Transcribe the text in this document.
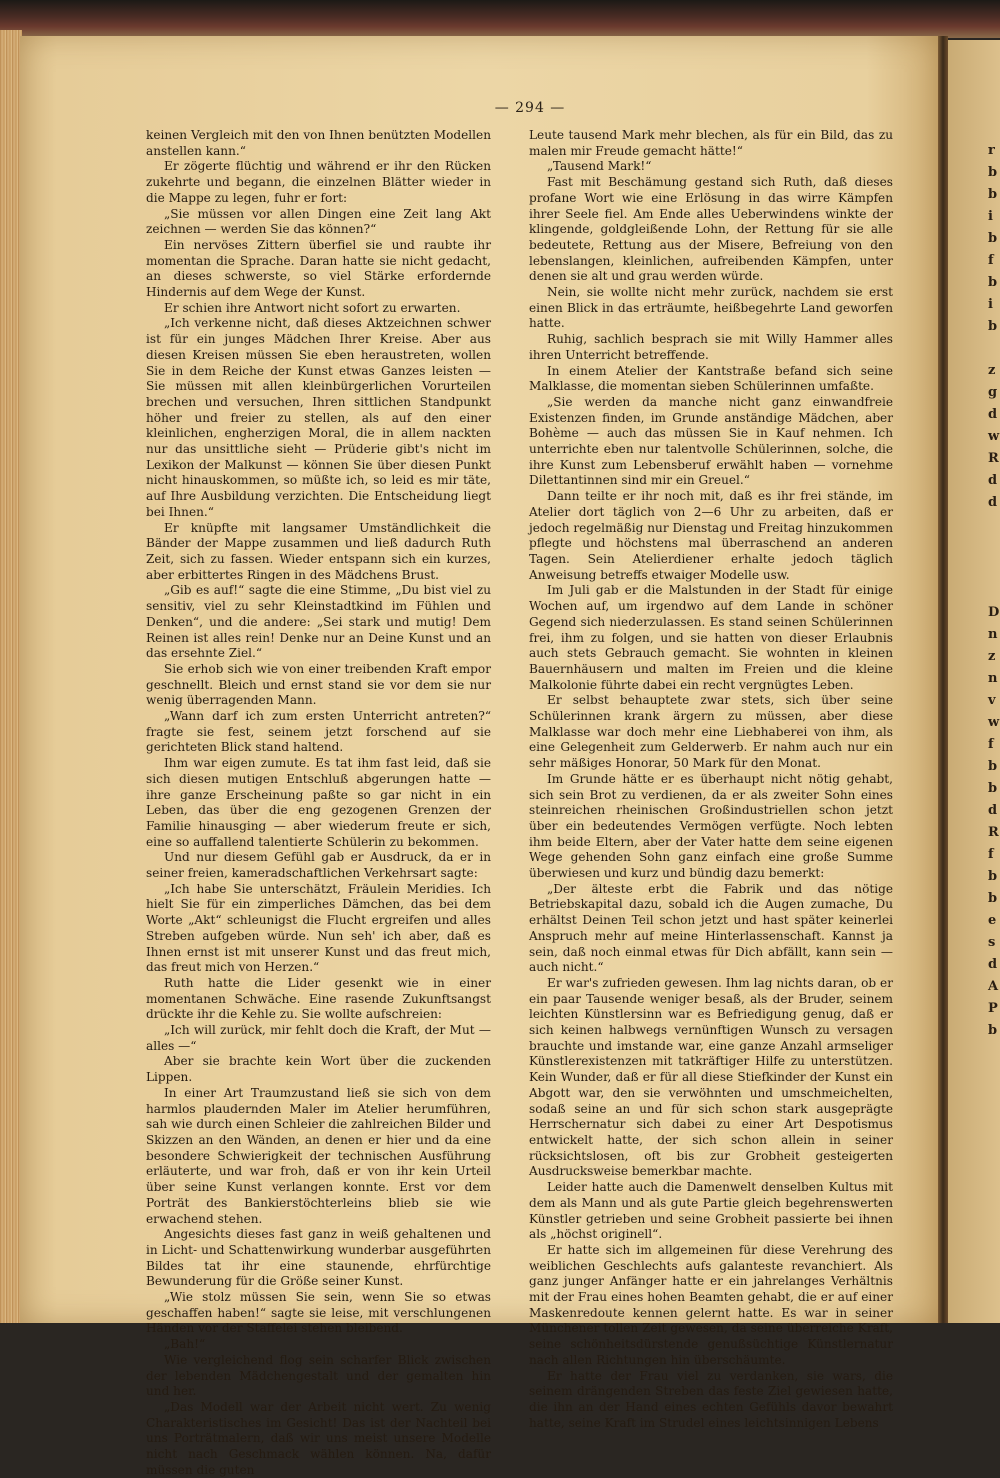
r
b
b
i
b
f
b
i
b

z
g
d
w
R
d
d

D
n
z
n
v
w
f
b
b
d
R
f
b
b
e
s
d
A
P
b
— 294 —

keinen Vergleich mit den von Ihnen benützten Modellen anstellen kann.“

Er zögerte flüchtig und während er ihr den Rücken zukehrte und begann, die einzelnen Blätter wieder in die Mappe zu legen, fuhr er fort:

„Sie müssen vor allen Dingen eine Zeit lang Akt zeichnen — werden Sie das können?“

Ein nervöses Zittern überfiel sie und raubte ihr momentan die Sprache. Daran hatte sie nicht gedacht, an dieses schwerste, so viel Stärke erfordernde Hindernis auf dem Wege der Kunst.

Er schien ihre Antwort nicht sofort zu erwarten.

„Ich verkenne nicht, daß dieses Aktzeichnen schwer ist für ein junges Mädchen Ihrer Kreise. Aber aus diesen Kreisen müssen Sie eben heraustreten, wollen Sie in dem Reiche der Kunst etwas Ganzes leisten — Sie müssen mit allen kleinbürgerlichen Vorurteilen brechen und versuchen, Ihren sittlichen Standpunkt höher und freier zu stellen, als auf den einer kleinlichen, engherzigen Moral, die in allem nackten nur das unsittliche sieht — Prüderie gibt's nicht im Lexikon der Malkunst — können Sie über diesen Punkt nicht hinauskommen, so müßte ich, so leid es mir täte, auf Ihre Ausbildung verzichten. Die Entscheidung liegt bei Ihnen.“

Er knüpfte mit langsamer Umständlichkeit die Bänder der Mappe zusammen und ließ dadurch Ruth Zeit, sich zu fassen. Wieder entspann sich ein kurzes, aber erbittertes Ringen in des Mädchens Brust.

„Gib es auf!“ sagte die eine Stimme, „Du bist viel zu sensitiv, viel zu sehr Kleinstadtkind im Fühlen und Denken“, und die andere: „Sei stark und mutig! Dem Reinen ist alles rein! Denke nur an Deine Kunst und an das ersehnte Ziel.“

Sie erhob sich wie von einer treibenden Kraft empor geschnellt. Bleich und ernst stand sie vor dem sie nur wenig überragenden Mann.

„Wann darf ich zum ersten Unterricht antreten?“ fragte sie fest, seinem jetzt forschend auf sie gerichteten Blick stand haltend.

Ihm war eigen zumute. Es tat ihm fast leid, daß sie sich diesen mutigen Entschluß abgerungen hatte — ihre ganze Erscheinung paßte so gar nicht in ein Leben, das über die eng gezogenen Grenzen der Familie hinausging — aber wiederum freute er sich, eine so auffallend talentierte Schülerin zu bekommen.

Und nur diesem Gefühl gab er Ausdruck, da er in seiner freien, kameradschaftlichen Verkehrsart sagte:

„Ich habe Sie unterschätzt, Fräulein Meridies. Ich hielt Sie für ein zimperliches Dämchen, das bei dem Worte „Akt“ schleunigst die Flucht ergreifen und alles Streben aufgeben würde. Nun seh' ich aber, daß es Ihnen ernst ist mit unserer Kunst und das freut mich, das freut mich von Herzen.“

Ruth hatte die Lider gesenkt wie in einer momentanen Schwäche. Eine rasende Zukunftsangst drückte ihr die Kehle zu. Sie wollte aufschreien:

„Ich will zurück, mir fehlt doch die Kraft, der Mut — alles —“

Aber sie brachte kein Wort über die zuckenden Lippen.

In einer Art Traumzustand ließ sie sich von dem harmlos plaudernden Maler im Atelier herumführen, sah wie durch einen Schleier die zahlreichen Bilder und Skizzen an den Wänden, an denen er hier und da eine besondere Schwierigkeit der technischen Ausführung erläuterte, und war froh, daß er von ihr kein Urteil über seine Kunst verlangen konnte. Erst vor dem Porträt des Bankierstöchterleins blieb sie wie erwachend stehen.

Angesichts dieses fast ganz in weiß gehaltenen und in Licht- und Schattenwirkung wunderbar ausgeführten Bildes tat ihr eine staunende, ehrfürchtige Bewunderung für die Größe seiner Kunst.

„Wie stolz müssen Sie sein, wenn Sie so etwas geschaffen haben!“ sagte sie leise, mit verschlungenen Händen vor der Staffelei stehen bleibend.

„Bah!“

Wie vergleichend flog sein scharfer Blick zwischen der lebenden Mädchengestalt und der gemalten hin und her.

„Das Modell war der Arbeit nicht wert. Zu wenig Charakteristisches im Gesicht! Das ist der Nachteil bei uns Porträtmalern, daß wir uns meist unsere Modelle nicht nach Geschmack wählen können. Na, dafür müssen die guten

Leute tausend Mark mehr blechen, als für ein Bild, das zu malen mir Freude gemacht hätte!“

„Tausend Mark!“

Fast mit Beschämung gestand sich Ruth, daß dieses profane Wort wie eine Erlösung in das wirre Kämpfen ihrer Seele fiel. Am Ende alles Ueberwindens winkte der klingende, goldgleißende Lohn, der Rettung für sie alle bedeutete, Rettung aus der Misere, Befreiung von den lebenslangen, kleinlichen, aufreibenden Kämpfen, unter denen sie alt und grau werden würde.

Nein, sie wollte nicht mehr zurück, nachdem sie erst einen Blick in das erträumte, heißbegehrte Land geworfen hatte.

Ruhig, sachlich besprach sie mit Willy Hammer alles ihren Unterricht betreffende.

In einem Atelier der Kantstraße befand sich seine Malklasse, die momentan sieben Schülerinnen umfaßte.

„Sie werden da manche nicht ganz einwandfreie Existenzen finden, im Grunde anständige Mädchen, aber Bohème — auch das müssen Sie in Kauf nehmen. Ich unterrichte eben nur talentvolle Schülerinnen, solche, die ihre Kunst zum Lebensberuf erwählt haben — vornehme Dilettantinnen sind mir ein Greuel.“

Dann teilte er ihr noch mit, daß es ihr frei stände, im Atelier dort täglich von 2—6 Uhr zu arbeiten, daß er jedoch regelmäßig nur Dienstag und Freitag hinzukommen pflegte und höchstens mal überraschend an anderen Tagen. Sein Atelierdiener erhalte jedoch täglich Anweisung betreffs etwaiger Modelle usw.

Im Juli gab er die Malstunden in der Stadt für einige Wochen auf, um irgendwo auf dem Lande in schöner Gegend sich niederzulassen. Es stand seinen Schülerinnen frei, ihm zu folgen, und sie hatten von dieser Erlaubnis auch stets Gebrauch gemacht. Sie wohnten in kleinen Bauernhäusern und malten im Freien und die kleine Malkolonie führte dabei ein recht vergnügtes Leben.

Er selbst behauptete zwar stets, sich über seine Schülerinnen krank ärgern zu müssen, aber diese Malklasse war doch mehr eine Liebhaberei von ihm, als eine Gelegenheit zum Gelderwerb. Er nahm auch nur ein sehr mäßiges Honorar, 50 Mark für den Monat.

Im Grunde hätte er es überhaupt nicht nötig gehabt, sich sein Brot zu verdienen, da er als zweiter Sohn eines steinreichen rheinischen Großindustriellen schon jetzt über ein bedeutendes Vermögen verfügte. Noch lebten ihm beide Eltern, aber der Vater hatte dem seine eigenen Wege gehenden Sohn ganz einfach eine große Summe überwiesen und kurz und bündig dazu bemerkt:

„Der älteste erbt die Fabrik und das nötige Betriebskapital dazu, sobald ich die Augen zumache, Du erhältst Deinen Teil schon jetzt und hast später keinerlei Anspruch mehr auf meine Hinterlassenschaft. Kannst ja sein, daß noch einmal etwas für Dich abfällt, kann sein — auch nicht.“

Er war's zufrieden gewesen. Ihm lag nichts daran, ob er ein paar Tausende weniger besaß, als der Bruder, seinem leichten Künstlersinn war es Befriedigung genug, daß er sich keinen halbwegs vernünftigen Wunsch zu versagen brauchte und imstande war, eine ganze Anzahl armseliger Künstlerexistenzen mit tatkräftiger Hilfe zu unterstützen. Kein Wunder, daß er für all diese Stiefkinder der Kunst ein Abgott war, den sie verwöhnten und umschmeichelten, sodaß seine an und für sich schon stark ausgeprägte Herrschernatur sich dabei zu einer Art Despotismus entwickelt hatte, der sich schon allein in seiner rücksichtslosen, oft bis zur Grobheit gesteigerten Ausdrucksweise bemerkbar machte.

Leider hatte auch die Damenwelt denselben Kultus mit dem als Mann und als gute Partie gleich begehrenswerten Künstler getrieben und seine Grobheit passierte bei ihnen als „höchst originell“.

Er hatte sich im allgemeinen für diese Verehrung des weiblichen Geschlechts aufs galanteste revanchiert. Als ganz junger Anfänger hatte er ein jahrelanges Verhältnis mit der Frau eines hohen Beamten gehabt, die er auf einer Maskenredoute kennen gelernt hatte. Es war in seiner Münchener tollen Zeit gewesen, da seine überreiche Kraft, seine schönheitsdürstende genußsüchtige Künstlernatur nach allen Richtungen hin überschäumte.

Er hatte der Frau viel zu verdanken, sie wars, die seinem drängenden Streben das feste Ziel gewiesen hatte, die ihn an der Hand eines echten Gefühls davor bewahrt hatte, seine Kraft im Strudel eines leichtsinnigen Lebens
